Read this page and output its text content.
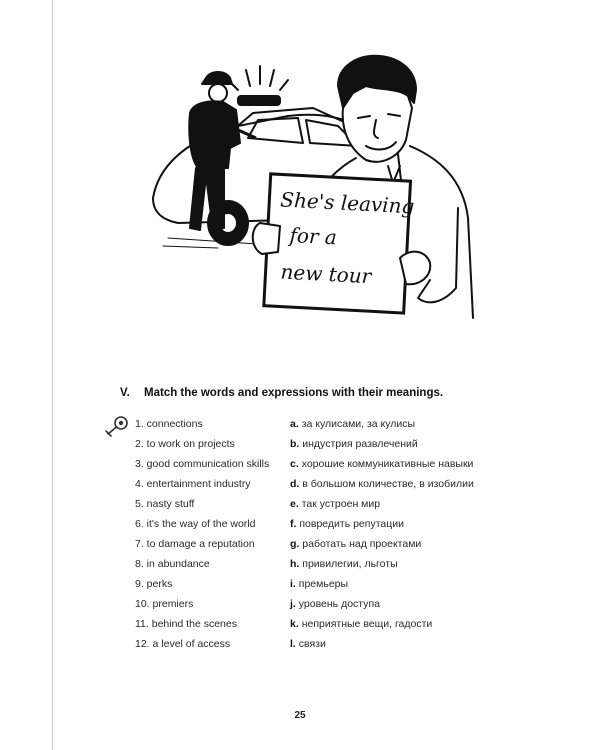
She's leaving
for a
new tour
V. Match the words and expressions with their meanings.
1. connections
2. to work on projects
3. good communication skills
4. entertainment industry
5. nasty stuff
6. it's the way of the world
7. to damage a reputation
8. in abundance
9. perks
10. premiers
11. behind the scenes
12. a level of access
a. за кулисами, за кулисы
b. индустрия развлечений
c. хорошие коммуникативные навыки
d. в большом количестве, в изобилии
e. так устроен мир
f. повредить репутации
g. работать над проектами
h. привилегии, льготы
i. премьеры
j. уровень доступа
k. неприятные вещи, гадости
l. связи
25
